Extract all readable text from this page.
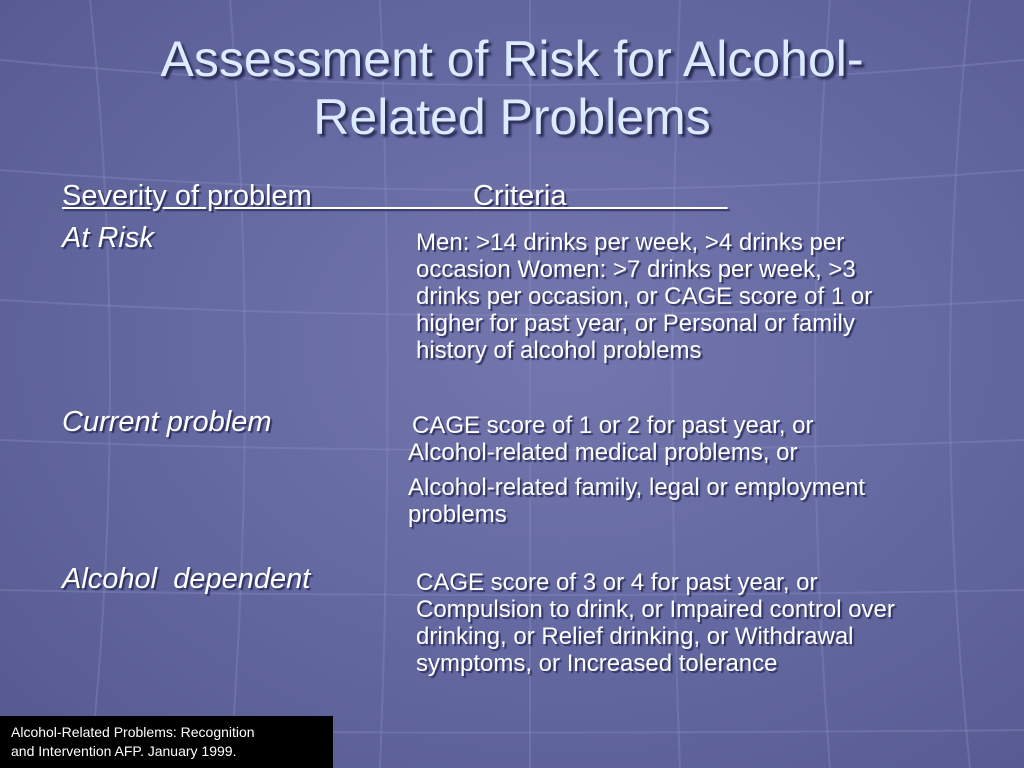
Assessment of Risk for Alcohol-
Related Problems
Severity of problem	Criteria
At Risk	Men: >14 drinks per week, >4 drinks per
occasion Women: >7 drinks per week, >3
drinks per occasion, or CAGE score of 1 or
higher for past year, or Personal or family
history of alcohol problems
Current problem	CAGE score of 1 or 2 for past year, or
Alcohol-related medical problems, or
Alcohol-related family, legal or employment
problems
Alcohol  dependent	CAGE score of 3 or 4 for past year, or
Compulsion to drink, or Impaired control over
drinking, or Relief drinking, or Withdrawal
symptoms, or Increased tolerance
Alcohol-Related Problems: Recognition
and Intervention AFP. January 1999.
